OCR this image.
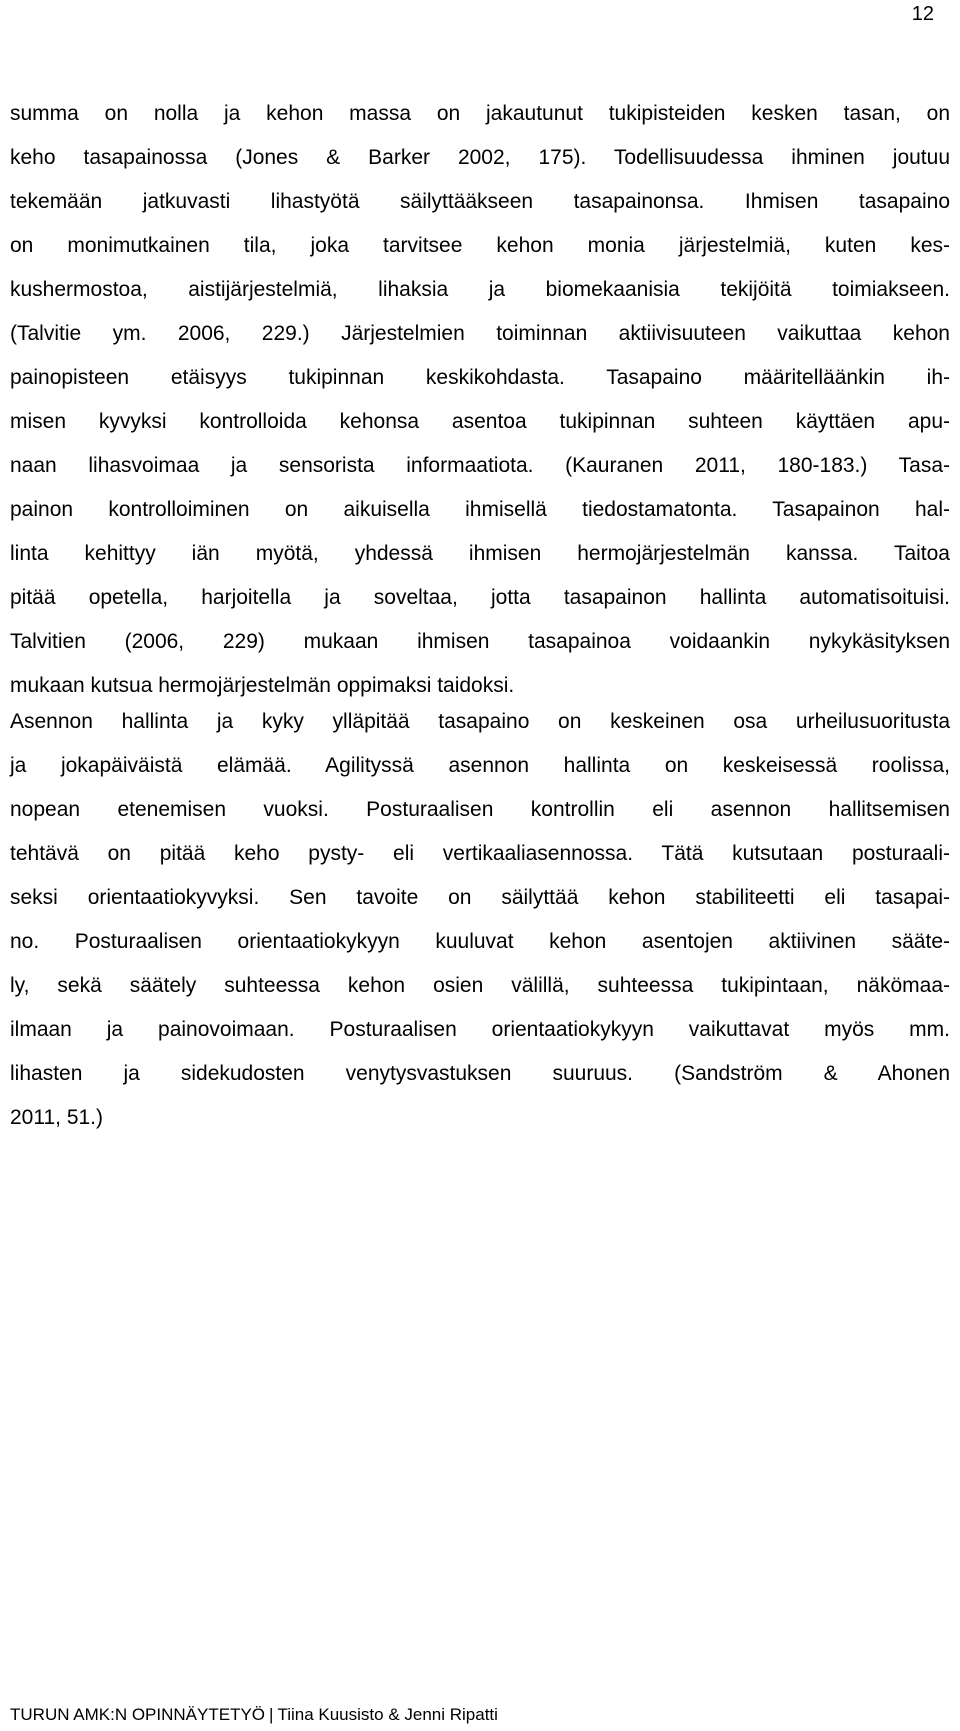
12
summa on nolla ja kehon massa on jakautunut tukipisteiden kesken tasan, on
keho tasapainossa (Jones & Barker 2002, 175). Todellisuudessa ihminen joutuu
tekemään jatkuvasti lihastyötä säilyttääkseen tasapainonsa. Ihmisen tasapaino
on monimutkainen tila, joka tarvitsee kehon monia järjestelmiä, kuten kes-
kushermostoa, aistijärjestelmiä, lihaksia ja biomekaanisia tekijöitä toimiakseen.
(Talvitie ym. 2006, 229.) Järjestelmien toiminnan aktiivisuuteen vaikuttaa kehon
painopisteen etäisyys tukipinnan keskikohdasta. Tasapaino määritelläänkin ih-
misen kyvyksi kontrolloida kehonsa asentoa tukipinnan suhteen käyttäen apu-
naan lihasvoimaa ja sensorista informaatiota. (Kauranen 2011, 180-183.) Tasa-
painon kontrolloiminen on aikuisella ihmisellä tiedostamatonta. Tasapainon hal-
linta kehittyy iän myötä, yhdessä ihmisen hermojärjestelmän kanssa. Taitoa
pitää opetella, harjoitella ja soveltaa, jotta tasapainon hallinta automatisoituisi.
Talvitien (2006, 229) mukaan ihmisen tasapainoa voidaankin nykykäsityksen
mukaan kutsua hermojärjestelmän oppimaksi taidoksi.
Asennon hallinta ja kyky ylläpitää tasapaino on keskeinen osa urheilusuoritusta
ja jokapäiväistä elämää. Agilityssä asennon hallinta on keskeisessä roolissa,
nopean etenemisen vuoksi. Posturaalisen kontrollin eli asennon hallitsemisen
tehtävä on pitää keho pysty- eli vertikaaliasennossa. Tätä kutsutaan posturaali-
seksi orientaatiokyvyksi. Sen tavoite on säilyttää kehon stabiliteetti eli tasapai-
no. Posturaalisen orientaatiokykyyn kuuluvat kehon asentojen aktiivinen sääte-
ly, sekä säätely suhteessa kehon osien välillä, suhteessa tukipintaan, näkömaa-
ilmaan ja painovoimaan. Posturaalisen orientaatiokykyyn vaikuttavat myös mm.
lihasten ja sidekudosten venytysvastuksen suuruus. (Sandström & Ahonen
2011, 51.)
TURUN AMK:N OPINNÄYTETYÖ | Tiina Kuusisto & Jenni Ripatti
